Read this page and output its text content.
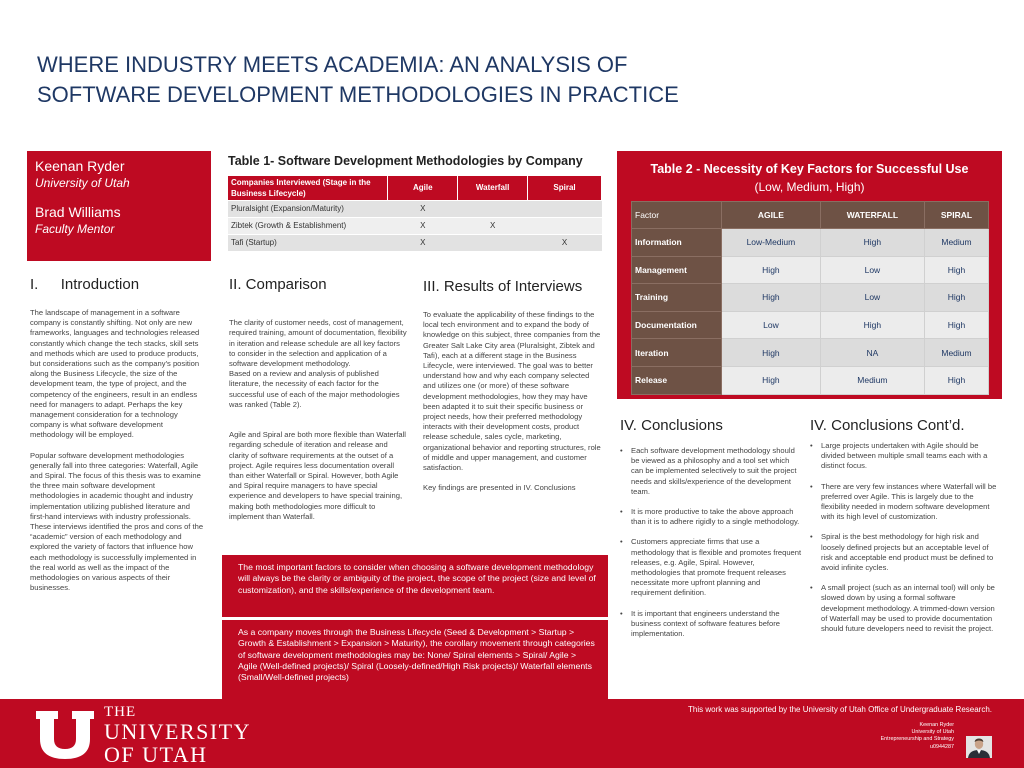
WHERE INDUSTRY MEETS ACADEMIA: AN ANALYSIS OF
SOFTWARE DEVELOPMENT METHODOLOGIES IN PRACTICE
Keenan Ryder
University of Utah
Brad Williams
Faculty Mentor
I. Introduction

The landscape of management in a software company is constantly shifting. Not only are new frameworks, languages and technologies released constantly which change the tech stacks, skill sets and methods which are used to produce products, but considerations such as the company’s position along the Business Lifecycle, the size of the development team, the type of project, and the competency of the engineers, result in an endless need for managers to adapt. Perhaps the key management consideration for a technology company is what software development methodology will be employed.

Popular software development methodologies generally fall into three categories: Waterfall, Agile and Spiral. The focus of this thesis was to examine the three main software development methodologies in academic thought and industry implementation utilizing published literature and first-hand interviews with industry professionals. These interviews identified the pros and cons of the “academic” version of each methodology and explored the variety of factors that influence how each methodology is successfully implemented in the real world as well as the impact of the methodologies on various aspects of their businesses.

Table 1- Software Development Methodologies by Company
Companies Interviewed (Stage in the Business Lifecycle)	Agile	Waterfall	Spiral
Pluralsight (Expansion/Maturity)	X		
Zibtek (Growth & Establishment)	X	X	
Tafi (Startup)	X		X
II. Comparison

The clarity of customer needs, cost of management, required training, amount of documentation, flexibility in iteration and release schedule are all key factors to consider in the selection and application of a software development methodology.
Based on a review and analysis of published literature, the necessity of each factor for the successful use of each of the major methodologies was ranked (Table 2).

Agile and Spiral are both more flexible than Waterfall regarding schedule of iteration and release and clarity of software requirements at the outset of a project. Agile requires less documentation overall than either Waterfall or Spiral. However, both Agile and Spiral require managers to have special experience and developers to have special training, making both methodologies more difficult to implement than Waterfall.

III. Results of Interviews

To evaluate the applicability of these findings to the local tech environment and to expand the body of knowledge on this subject, three companies from the Greater Salt Lake City area (Pluralsight, Zibtek and Tafi), each at a different stage in the Business Lifecycle, were interviewed. The goal was to better understand how and why each company selected and utilizes one (or more) of these software development methodologies, how they may have been adapted it to suit their specific business or project needs, how their preferred methodology interacts with their development costs, product release schedule, sales cycle, marketing, organizational behavior and reporting structures, role of middle and upper management, and customer satisfaction.

Key findings are presented in IV. Conclusions

Table 2 - Necessity of Key Factors for Successful Use
(Low, Medium, High)
Factor	AGILE	WATERFALL	SPIRAL
Information	Low-Medium	High	Medium
Management	High	Low	High
Training	High	Low	High
Documentation	Low	High	High
Iteration	High	NA	Medium
Release	High	Medium	High
The most important factors to consider when choosing a software development methodology will always be the clarity or ambiguity of the project, the scope of the project (size and level of customization), and the skills/experience of the development team.
As a company moves through the Business Lifecycle (Seed & Development > Startup > Growth & Establishment > Expansion > Maturity), the corollary movement through categories of software development methodologies may be: None/ Spiral elements > Spiral/ Agile > Agile (Well-defined projects)/ Spiral (Loosely-defined/High Risk projects)/ Waterfall elements (Small/Well-defined projects)
IV. Conclusions
• Each software development methodology should be viewed as a philosophy and a tool set which can be implemented selectively to suit the project needs and skills/experience of the development team.
• It is more productive to take the above approach than it is to adhere rigidly to a single methodology.
• Customers appreciate firms that use a methodology that is flexible and promotes frequent releases, e.g. Agile, Spiral. However, methodologies that promote frequent releases necessitate more upfront planning and requirement definition.
• It is important that engineers understand the business context of software features before implementation.
IV. Conclusions Cont’d.
• Large projects undertaken with Agile should be divided between multiple small teams each with a distinct focus.
• There are very few instances where Waterfall will be preferred over Agile. This is largely due to the flexibility needed in modern software development with its high level of customization.
• Spiral is the best methodology for high risk and loosely defined projects but an acceptable level of risk and acceptable end product must be defined to avoid infinite cycles.
• A small project (such as an internal tool) will only be slowed down by using a formal software development methodology. A trimmed-down version of Waterfall may be used to provide documentation should future developers need to revisit the project.
THE
UNIVERSITY
OF UTAH
This work was supported by the University of Utah Office of Undergraduate Research.
Keenan Ryder
University of Utah
Entrepreneurship and Strategy
u0944287
